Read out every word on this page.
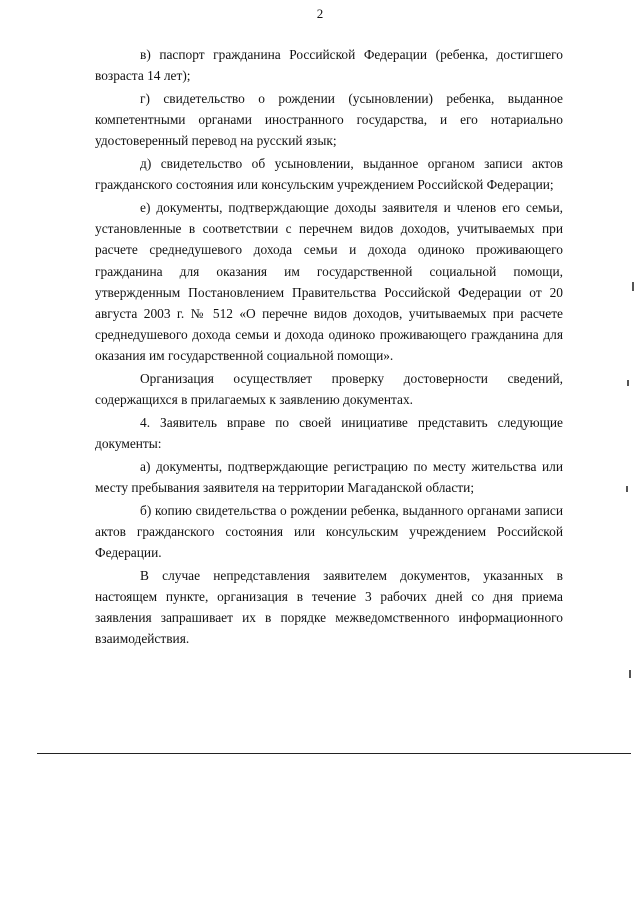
2

в) паспорт гражданина Российской Федерации (ребенка, достигшего возраста 14 лет);

г) свидетельство о рождении (усыновлении) ребенка, выданное компетентными органами иностранного государства, и его нотариально удостоверенный перевод на русский язык;

д) свидетельство об усыновлении, выданное органом записи актов гражданского состояния или консульским учреждением Российской Федерации;

е) документы, подтверждающие доходы заявителя и членов его семьи, установленные в соответствии с перечнем видов доходов, учитываемых при расчете среднедушевого дохода семьи и дохода одиноко проживающего гражданина для оказания им государственной социальной помощи, утвержденным Постановлением Правительства Российской Федерации от 20 августа 2003 г. № 512 «О перечне видов доходов, учитываемых при расчете среднедушевого дохода семьи и дохода одиноко проживающего гражданина для оказания им государственной социальной помощи».

Организация осуществляет проверку достоверности сведений, содержащихся в прилагаемых к заявлению документах.

4. Заявитель вправе по своей инициативе представить следующие документы:

а) документы, подтверждающие регистрацию по месту жительства или месту пребывания заявителя на территории Магаданской области;

б) копию свидетельства о рождении ребенка, выданного органами записи актов гражданского состояния или консульским учреждением Российской Федерации.

В случае непредставления заявителем документов, указанных в настоящем пункте, организация в течение 3 рабочих дней со дня приема заявления запрашивает их в порядке межведомственного информационного взаимодействия.
